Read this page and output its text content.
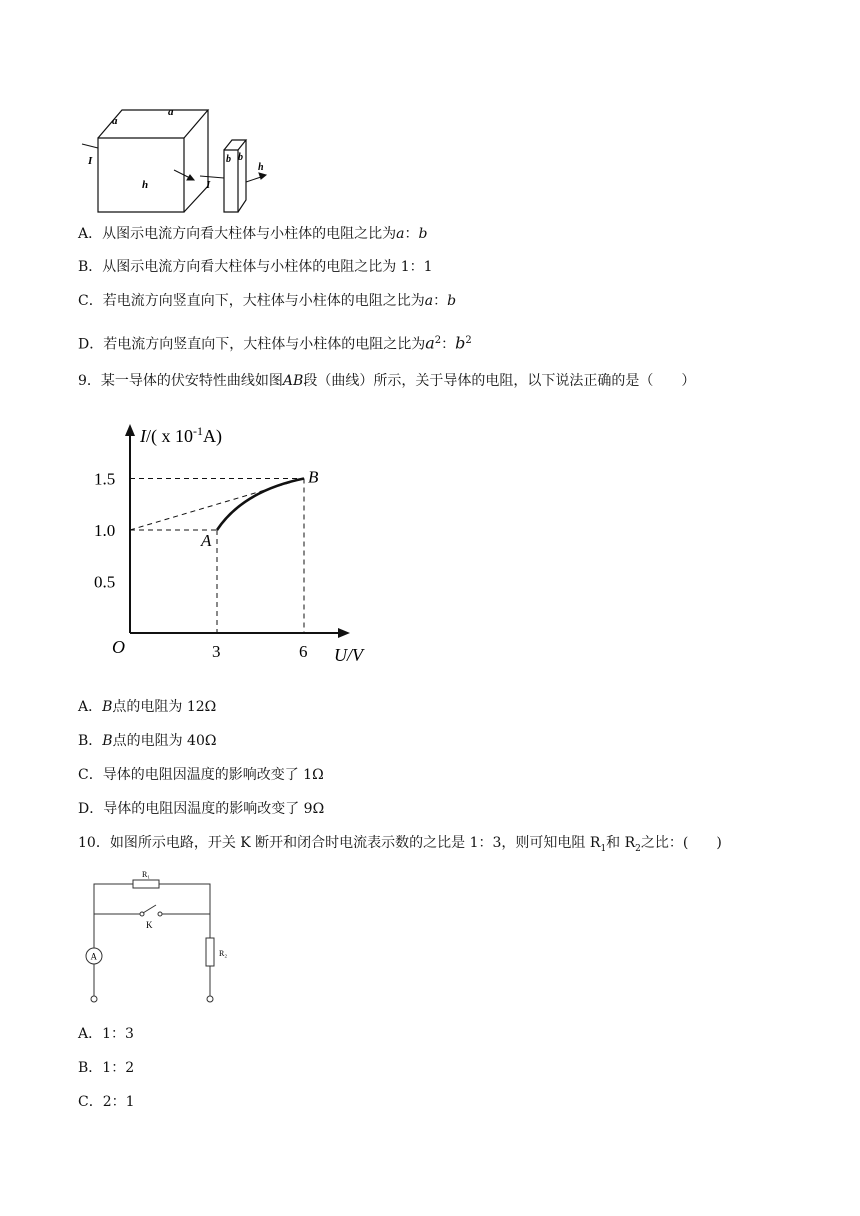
a
a
I
h	I
b b
h
A．从图示电流方向看大柱体与小柱体的电阻之比为a：b
B．从图示电流方向看大柱体与小柱体的电阻之比为 1：1
C．若电流方向竖直向下，大柱体与小柱体的电阻之比为a：b
D．若电流方向竖直向下，大柱体与小柱体的电阻之比为$a^2$：$b^2$
9．某一导体的伏安特性曲线如图AB段（曲线）所示，关于导体的电阻，以下说法正确的是（　　）
I/( x $10^{-1}A$)
U/V
O
0.5
1.0
1.5
3	6
A
B
A．B点的电阻为 12Ω
B．B点的电阻为 40Ω
C．导体的电阻因温度的影响改变了 1Ω
D．导体的电阻因温度的影响改变了 9Ω
10．如图所示电路，开关 K 断开和闭合时电流表示数的之比是 1：3，则可知电阻 $R_1$和 $R_2$之比：(　　)
R₁
K
R₂
A
A．1：3
B．1：2
C．2：1
